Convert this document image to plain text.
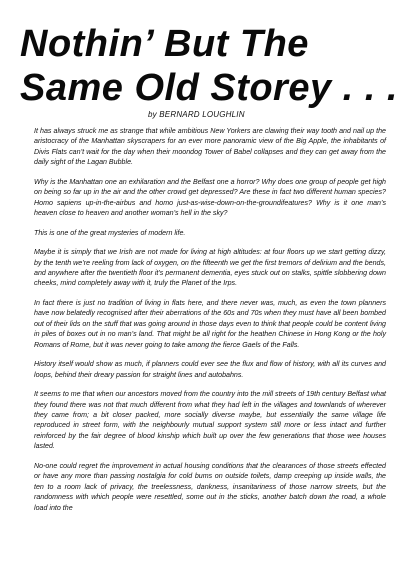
Nothin’ But The
Same Old Storey . . .
by BERNARD LOUGHLIN

It has always struck me as strange that while ambitious New Yorkers are clawing their way tooth and nail up the aristocracy of the Manhattan skyscrapers for an ever more panoramic view of the Big Apple, the inhabitants of Divis Flats can’t wait for the day when their moondog Tower of Babel collapses and they can get away from the daily sight of the Lagan Bubble.

Why is the Manhattan one an exhilaration and the Belfast one a horror? Why does one group of people get high on being so far up in the air and the other crowd get depressed? Are these in fact two different human species? Homo sapiens up-in-the-airbus and homo just-as-wise-down-on-the-groundifeatures? Why is it one man’s heaven close to heaven and another woman’s hell in the sky?

This is one of the great mysteries of modern life.

Maybe it is simply that we Irish are not made for living at high altitudes: at four floors up we start getting dizzy, by the tenth we’re reeling from lack of oxygen, on the fifteenth we get the first tremors of delirium and the bends, and anywhere after the twentieth floor it’s permanent dementia, eyes stuck out on stalks, spittle slobbering down cheeks, mind completely away with it, truly the Planet of the Irps.

In fact there is just no tradition of living in flats here, and there never was, much, as even the town planners have now belatedly recognised after their aberrations of the 60s and 70s when they must have all been bombed out of their lids on the stuff that was going around in those days even to think that people could be content living in piles of boxes out in no man’s land. That might be all right for the heathen Chinese in Hong Kong or the holy Romans of Rome, but it was never going to take among the fierce Gaels of the Falls.

History itself would show as much, if planners could ever see the flux and flow of history, with all its curves and loops, behind their dreary passion for straight lines and autobahns.

It seems to me that when our ancestors moved from the country into the mill streets of 19th century Belfast what they found there was not that much different from what they had left in the villages and townlands of wherever they came from; a bit closer packed, more socially diverse maybe, but essentially the same village life reproduced in street form, with the neighbourly mutual support system still more or less intact and further reinforced by the fair degree of blood kinship which built up over the few generations that those wee houses lasted.

No-one could regret the improvement in actual housing conditions that the clearances of those streets effected or have any more than passing nostalgia for cold bums on outside toilets, damp creeping up inside walls, the ten to a room lack of privacy, the treelessness, dankness, insanitariness of those narrow streets, but the randomness with which people were resettled, some out in the sticks, another batch down the road, a whole load into the
